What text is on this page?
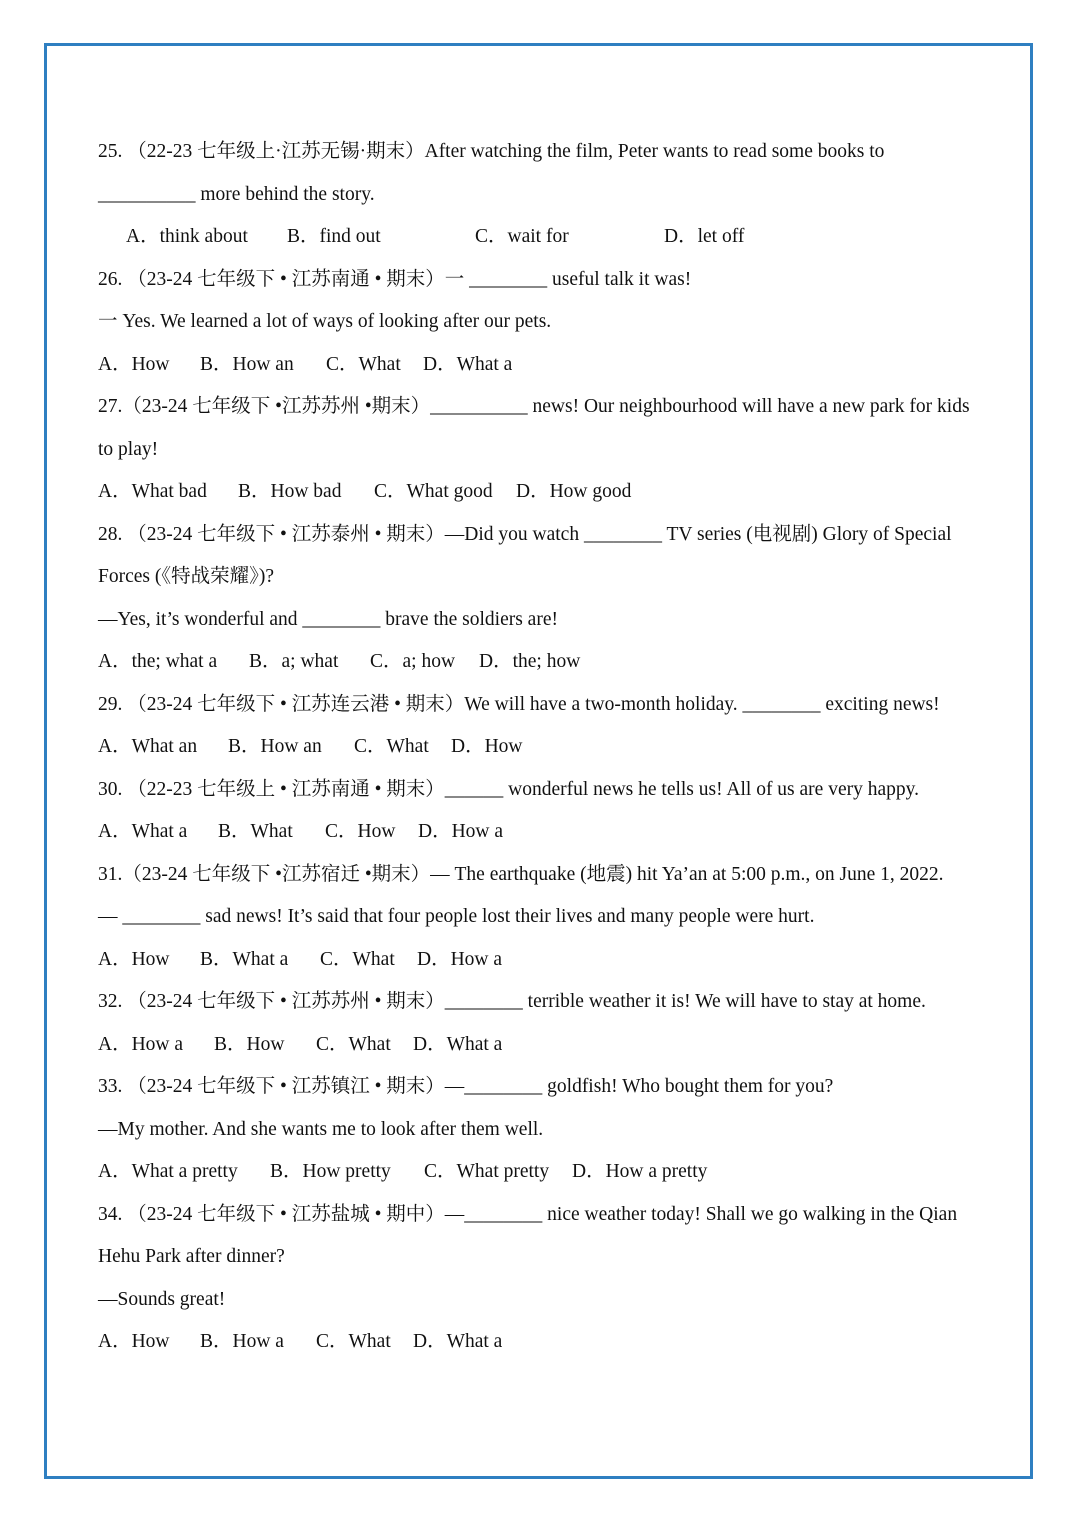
25. （22-23 七年级上·江苏无锡·期末）After watching the film, Peter wants to read some books to
__________ more behind the story.
A．think about B．find out	C．wait for	D．let off
26. （23-24 七年级下 • 江苏南通 • 期末）一 ________ useful talk it was!
一 Yes. We learned a lot of ways of looking after our pets.
A．How B．How an C．What D．What a
27.（23-24 七年级下 •江苏苏州 •期末）__________ news! Our neighbourhood will have a new park for kids
to play!
A．What bad B．How bad C．What good D．How good
28. （23-24 七年级下 • 江苏泰州 • 期末）—Did you watch ________ TV series (电视剧) Glory of Special
Forces (《特战荣耀》)?
—Yes, it’s wonderful and ________ brave the soldiers are!
A．the; what a B．a; what C．a; how D．the; how
29. （23-24 七年级下 • 江苏连云港 • 期末）We will have a two-month holiday. ________ exciting news!
A．What an B．How an C．What D．How
30. （22-23 七年级上 • 江苏南通 • 期末）______ wonderful news he tells us! All of us are very happy.
A．What a B．What C．How D．How a
31.（23-24 七年级下 •江苏宿迁 •期末）— The earthquake (地震) hit Ya’an at 5:00 p.m., on June 1, 2022.
— ________ sad news! It’s said that four people lost their lives and many people were hurt.
A．How B．What a C．What D．How a
32. （23-24 七年级下 • 江苏苏州 • 期末）________ terrible weather it is! We will have to stay at home.
A．How a B．How C．What D．What a
33. （23-24 七年级下 • 江苏镇江 • 期末）—________ goldfish! Who bought them for you?
—My mother. And she wants me to look after them well.
A．What a pretty B．How pretty C．What pretty D．How a pretty
34. （23-24 七年级下 • 江苏盐城 • 期中）—________ nice weather today! Shall we go walking in the Qian
Hehu Park after dinner?
—Sounds great!
A．How B．How a C．What D．What a
